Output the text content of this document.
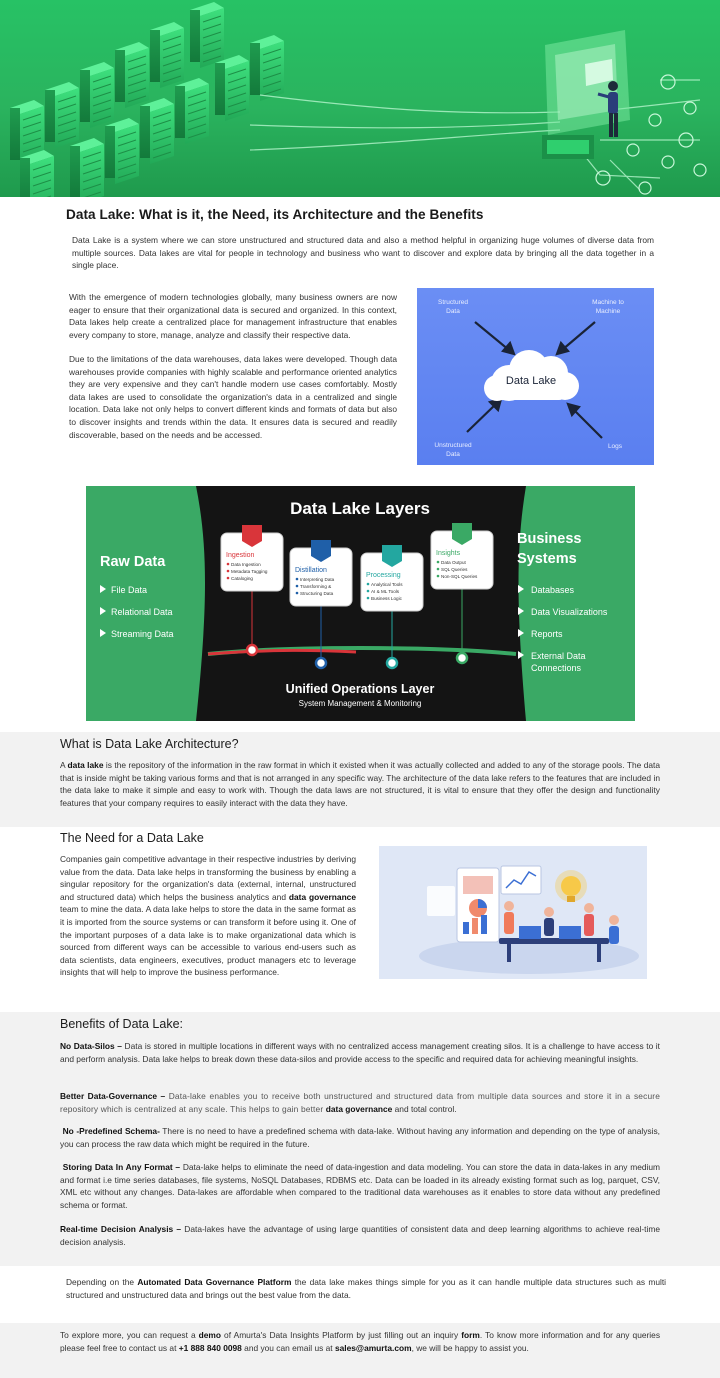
Data Lake: What is it, the Need, its Architecture and the Benefits

Data Lake is a system where we can store unstructured and structured data and also a method helpful in organizing huge volumes of diverse data from multiple sources. Data lakes are vital for people in technology and business who want to discover and explore data by bringing all the data together in a single place.

With the emergence of modern technologies globally, many business owners are now eager to ensure that their organizational data is secured and organized. In this context, Data lakes help create a centralized place for management infrastructure that enables every company to store, manage, analyze and classify their respective data.

Due to the limitations of the data warehouses, data lakes were developed. Though data warehouses provide companies with highly scalable and performance oriented analytics they are very expensive and they can't handle modern use cases comfortably. Mostly data lakes are used to consolidate the organization's data in a centralized and single location. Data lake not only helps to convert different kinds and formats of data but also to discover insights and trends within the data. It ensures data is secured and readily discoverable, based on the needs and be accessed.

Data Lake
Structured
Data
Machine to
Machine
Unstructured
Data
Logs
Data Lake Layers
Raw Data
File Data
Relational Data
Streaming Data
Business
Systems
Databases
Data Visualizations
Reports
External Data
Connections
Ingestion
Data Ingestion
Metadata Tagging
Cataloging
Distillation
Interpreting Data
Transforming &
Structuring Data
Processing
Analytical Tools
AI & ML Tools
Business Logic
Insights
Data Output
SQL Queries
Non-SQL Queries
Unified Operations Layer
System Management & Monitoring
What is Data Lake Architecture?

A data lake is the repository of the information in the raw format in which it existed when it was actually collected and added to any of the storage pools. The data that is inside might be taking various forms and that is not arranged in any specific way. The architecture of the data lake refers to the features that are included in the data lake to make it simple and easy to work with. Though the data laws are not structured, it is vital to ensure that they offer the design and functionality features that your company requires to easily interact with the data they have.

The Need for a Data Lake

Companies gain competitive advantage in their respective industries by deriving value from the data. Data lake helps in transforming the business by enabling a singular repository for the organization's data (external, internal, unstructured and structured data) which helps the business analytics and data governance team to mine the data. A data lake helps to store the data in the same format as it is imported from the source systems or can transform it before using it. One of the important purposes of a data lake is to make organizational data which is sourced from different ways can be accessible to various end-users such as data scientists, data engineers, executives, product managers etc to leverage insights that will help to improve the business performance.

Benefits of Data Lake:

No Data-Silos – Data is stored in multiple locations in different ways with no centralized access management creating silos. It is a challenge to have access to it and perform analysis. Data lake helps to break down these data-silos and provide access to the specific and required data for achieving meaningful insights.

Better Data-Governance – Data-lake enables you to receive both unstructured and structured data from multiple data sources and store it in a secure repository which is centralized at any scale. This helps to gain better data governance and total control.

No -Predefined Schema- There is no need to have a predefined schema with data-lake. Without having any information and depending on the type of analysis, you can process the raw data which might be required in the future.

Storing Data In Any Format – Data-lake helps to eliminate the need of data-ingestion and data modeling. You can store the data in data-lakes in any medium and format i.e time series databases, file systems, NoSQL Databases, RDBMS etc. Data can be loaded in its already existing format such as log, parquet, CSV, XML etc without any changes. Data-lakes are affordable when compared to the traditional data warehouses as it enables to store data without any predefined schema or format.

Real-time Decision Analysis – Data-lakes have the advantage of using large quantities of consistent data and deep learning algorithms to achieve real-time decision analysis.

Depending on the Automated Data Governance Platform the data lake makes things simple for you as it can handle multiple data structures such as multi structured and unstructured data and brings out the best value from the data.

To explore more, you can request a demo of Amurta's Data Insights Platform by just filling out an inquiry form. To know more information and for any queries please feel free to contact us at +1 888 840 0098 and you can email us at sales@amurta.com, we will be happy to assist you.
